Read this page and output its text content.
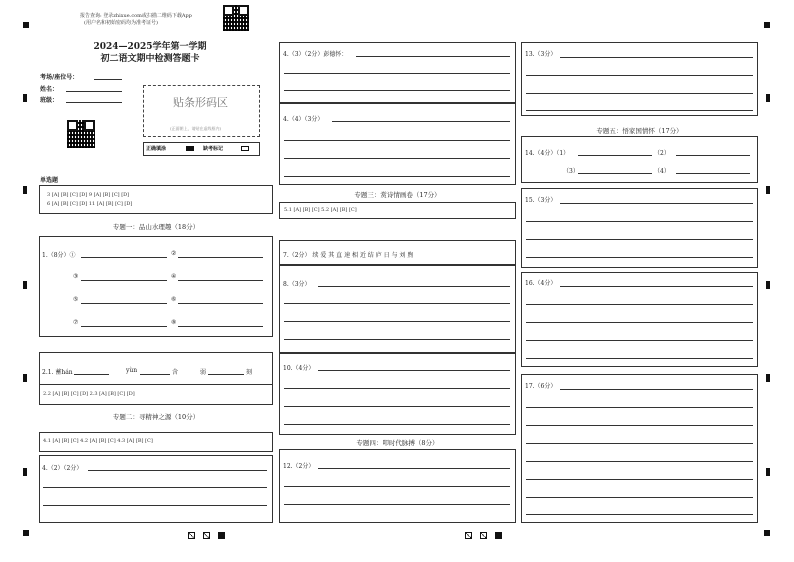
报告查询: 登录zhixue.com或扫描二维码下载App
(用户名和初始密码均为准考证号)
2024—2025学年第一学期
初二语文期中检测答题卡
考场/座位号：
姓名：
班级：	贴条形码区
(正面朝上，请贴在虚线框内)
正确填涂	缺考标记
单选题
3 [A] [B] [C] [D] 9 [A] [B] [C] [D]
6 [A] [B] [C] [D] 11 [A] [B] [C] [D]
专题一：品山水理趣（18分）
1.（8分）①	②
③	④
⑤	⑥
⑦	⑧
2.1. 蓄hán	yùn	含	弱	刻
2.2 [A] [B] [C] [D] 2.3 [A] [B] [C] [D]
专题二：寻精神之源（10分）
4.1 [A] [B] [C] 4.2 [A] [B] [C] 4.3 [A] [B] [C]
4.（2）（2分）
4.（3）（2分）彭德怀：
4.（4）（3分）
专题三：赏诗情画卷（17分）
5.1 [A] [B] [C] 5.2 [A] [B] [C]
7.（2分） 续 爱 其 直 速 相 近 结 庐 日 与 刘 煦
8.（3分）
10.（4分）
专题四：叩时代脉搏（8分）
12.（2分）
13.（3分）
专题五：悟家国情怀（17分）
14.（4分）（1）	（2）
（3）	（4）
15.（3分）
16.（4分）
17.（6分）
